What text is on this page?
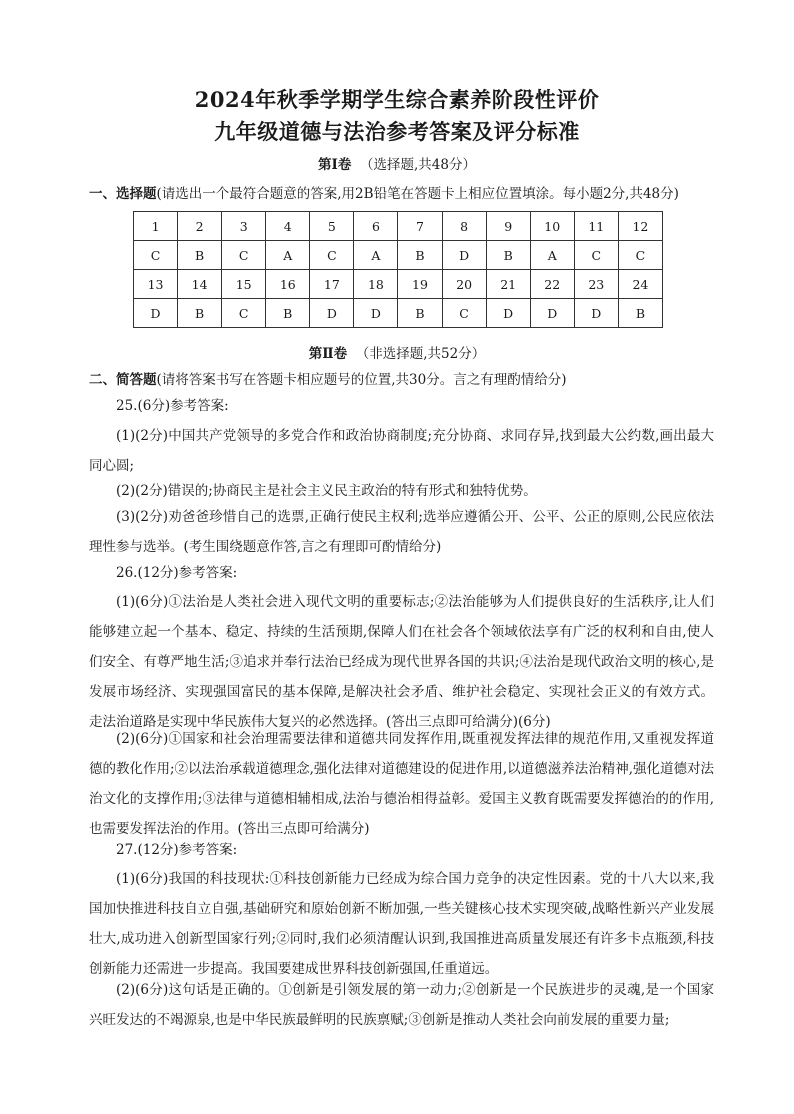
2024年秋季学期学生综合素养阶段性评价
九年级道德与法治参考答案及评分标准
第Ⅰ卷 （选择题,共48分）
一、选择题(请选出一个最符合题意的答案,用2B铅笔在答题卡上相应位置填涂。每小题2分,共48分)
1	2	3	4	5	6	7	8	9	10	11	12
C	B	C	A	C	A	B	D	B	A	C	C
13	14	15	16	17	18	19	20	21	22	23	24
D	B	C	B	D	D	B	C	D	D	D	B
第Ⅱ卷 （非选择题,共52分）
二、简答题(请将答案书写在答题卡相应题号的位置,共30分。言之有理酌情给分)
25.(6分)参考答案:
(1)(2分)中国共产党领导的多党合作和政治协商制度;充分协商、求同存异,找到最大公约数,画出最大同心圆;
(2)(2分)错误的;协商民主是社会主义民主政治的特有形式和独特优势。
(3)(2分)劝爸爸珍惜自己的选票,正确行使民主权利;选举应遵循公开、公平、公正的原则,公民应依法理性参与选举。(考生围绕题意作答,言之有理即可酌情给分)
26.(12分)参考答案:
(1)(6分)①法治是人类社会进入现代文明的重要标志;②法治能够为人们提供良好的生活秩序,让人们能够建立起一个基本、稳定、持续的生活预期,保障人们在社会各个领域依法享有广泛的权利和自由,使人们安全、有尊严地生活;③追求并奉行法治已经成为现代世界各国的共识;④法治是现代政治文明的核心,是发展市场经济、实现强国富民的基本保障,是解决社会矛盾、维护社会稳定、实现社会正义的有效方式。走法治道路是实现中华民族伟大复兴的必然选择。(答出三点即可给满分)(6分)
(2)(6分)①国家和社会治理需要法律和道德共同发挥作用,既重视发挥法律的规范作用,又重视发挥道德的教化作用;②以法治承载道德理念,强化法律对道德建设的促进作用,以道德滋养法治精神,强化道德对法治文化的支撑作用;③法律与道德相辅相成,法治与德治相得益彰。爱国主义教育既需要发挥德治的的作用,也需要发挥法治的作用。(答出三点即可给满分)
27.(12分)参考答案:
(1)(6分)我国的科技现状:①科技创新能力已经成为综合国力竞争的决定性因素。党的十八大以来,我国加快推进科技自立自强,基础研究和原始创新不断加强,一些关键核心技术实现突破,战略性新兴产业发展壮大,成功进入创新型国家行列;②同时,我们必须清醒认识到,我国推进高质量发展还有许多卡点瓶颈,科技创新能力还需进一步提高。我国要建成世界科技创新强国,任重道远。
(2)(6分)这句话是正确的。①创新是引领发展的第一动力;②创新是一个民族进步的灵魂,是一个国家兴旺发达的不竭源泉,也是中华民族最鲜明的民族禀赋;③创新是推动人类社会向前发展的重要力量;
